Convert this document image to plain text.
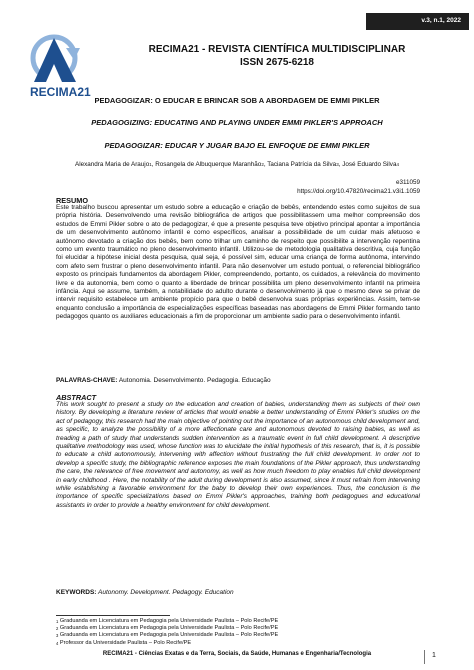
v.3, n.1, 2022
RECIMA21
RECIMA21 - REVISTA CIENTÍFICA MULTIDISCIPLINAR
ISSN 2675-6218
PEDAGOGIZAR: O EDUCAR E BRINCAR SOB A ABORDAGEM DE EMMI PIKLER
PEDAGOGIZING: EDUCATING AND PLAYING UNDER EMMI PIKLER'S APPROACH
PEDAGOGIZAR: EDUCAR Y JUGAR BAJO EL ENFOQUE DE EMMI PIKLER
Alexandra Maria de Araujo$^1$, Rosangela de Albuquerque Maranhão$^2$, Taciana Patrícia da Silva$^3$, José Eduardo Silva$^4$
e311059
https://doi.org/10.47820/recima21.v3i1.1059
RESUMO
Este trabalho buscou apresentar um estudo sobre a educação e criação de bebês, entendendo estes como sujeitos de sua própria história. Desenvolvendo uma revisão bibliográfica de artigos que possibilitassem uma melhor compreensão dos estudos de Emmi Pikler sobre o ato de pedagogizar, é que a presente pesquisa teve objetivo principal apontar a importância de um desenvolvimento autônomo infantil e como específicos, analisar a possibilidade de um cuidar mais afetuoso e autônomo devotado a criação dos bebês, bem como trilhar um caminho de respeito que possibilite a intervenção repentina como um evento traumático no pleno desenvolvimento infantil. Utilizou-se de metodologia qualitativa descritiva, cuja função foi elucidar a hipótese inicial desta pesquisa, qual seja, é possível sim, educar uma criança de forma autônoma, intervindo com afeto sem frustrar o pleno desenvolvimento infantil. Para não desenvolver um estudo pontual, o referencial bibliográfico exposto os principais fundamentos da abordagem Pikler, compreendendo, portanto, os cuidados, a relevância do movimento livre e da autonomia, bem como o quanto a liberdade de brincar possibilita um pleno desenvolvimento infantil na primeira infância. Aqui se assume, também, a notabilidade do adulto durante o desenvolvimento já que o mesmo deve se privar de intervir requisito estabelece um ambiente propício para que o bebê desenvolva suas próprias experiências. Assim, tem-se enquanto conclusão a importância de especializações específicas baseadas nas abordagens de Emmi Pikler formando tanto pedagogos quanto os auxiliares educacionais a fim de proporcionar um ambiente sadio para o desenvolvimento infantil.
PALAVRAS-CHAVE: Autonomia. Desenvolvimento. Pedagogia. Educação
ABSTRACT
This work sought to present a study on the education and creation of babies, understanding them as subjects of their own history. By developing a literature review of articles that would enable a better understanding of Emmi Pikler's studies on the act of pedagogy, this research had the main objective of pointing out the importance of an autonomous child development and, as specific, to analyze the possibility of a more affectionate care and autonomous devoted to raising babies, as well as treading a path of study that understands sudden intervention as a traumatic event in full child development. A descriptive qualitative methodology was used, whose function was to elucidate the initial hypothesis of this research, that is, it is possible to educate a child autonomously, intervening with affection without frustrating the full child development. In order not to develop a specific study, the bibliographic reference exposes the main foundations of the Pikler approach, thus understanding the care, the relevance of free movement and autonomy, as well as how much freedom to play enables full child development in early childhood . Here, the notability of the adult during development is also assumed, since it must refrain from intervening while establishing a favorable environment for the baby to develop their own experiences. Thus, the conclusion is the importance of specific specializations based on Emmi Pikler's approaches, training both pedagogues and educational assistants in order to provide a healthy environment for child development.
KEYWORDS: Autonomy. Development. Pedagogy. Education
$^1$ Graduanda em Licenciatura em Pedagogia pela Universidade Paulista – Polo Recife/PE
$^2$ Graduanda em Licenciatura em Pedagogia pela Universidade Paulista – Polo Recife/PE
$^3$ Graduanda em Licenciatura em Pedagogia pela Universidade Paulista – Polo Recife/PE
$^4$ Professor da Universidade Paulista – Polo Recife/PE
RECIMA21 - Ciências Exatas e da Terra, Sociais, da Saúde, Humanas e Engenharia/Tecnologia	1
